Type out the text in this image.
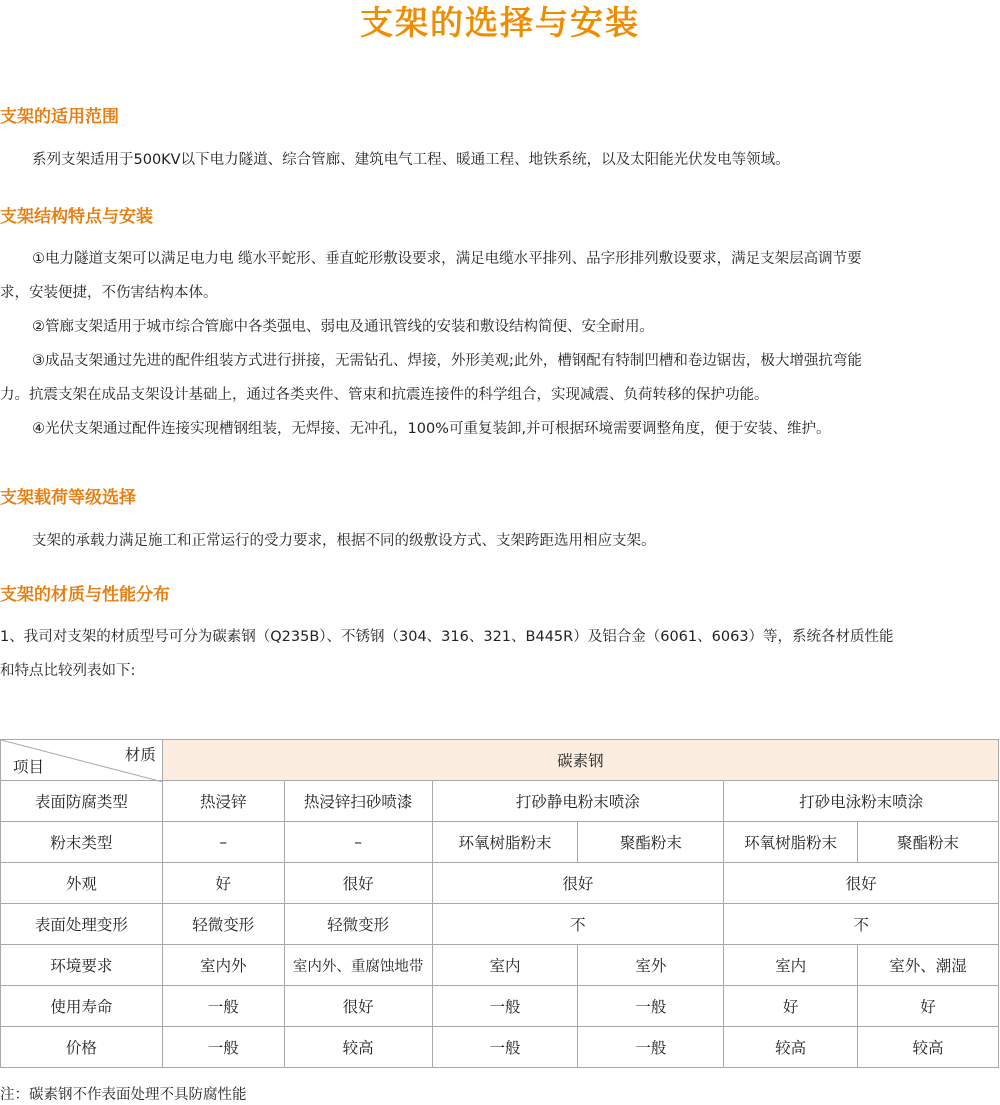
支架的选择与安装
支架的适用范围
系列支架适用于500KV以下电力隧道、综合管廊、建筑电气工程、暖通工程、地铁系统，以及太阳能光伏发电等领域。
支架结构特点与安装
①电力隧道支架可以满足电力电 缆水平蛇形、垂直蛇形敷设要求，满足电缆水平排列、品字形排列敷设要求，满足支架层高调节要
求，安装便捷，不伤害结构本体。
②管廊支架适用于城市综合管廊中各类强电、弱电及通讯管线的安装和敷设结构简便、安全耐用。
③成品支架通过先进的配件组装方式进行拼接，无需钻孔、焊接，外形美观;此外，槽钢配有特制凹槽和卷边锯齿，极大增强抗弯能
力。抗震支架在成品支架设计基础上，通过各类夹件、管束和抗震连接件的科学组合，实现减震、负荷转移的保护功能。
④光伏支架通过配件连接实现槽钢组装，无焊接、无冲孔，100%可重复装卸,并可根据环境需要调整角度，便于安装、维护。
支架载荷等级选择
支架的承载力满足施工和正常运行的受力要求，根据不同的级敷设方式、支架跨距选用相应支架。
支架的材质与性能分布
1、我司对支架的材质型号可分为碳素钢（Q235B）、不锈钢（304、316、321、B445R）及铝合金（6061、6063）等，系统各材质性能
和特点比较列表如下:
材质
项目	碳素钢					
表面防腐类型	热浸锌	热浸锌扫砂喷漆	打砂静电粉末喷涂		打砂电泳粉末喷涂	
粉末类型	–	–	环氧树脂粉末	聚酯粉末	环氧树脂粉末	聚酯粉末
外观	好	很好	很好		很好	
表面处理变形	轻微变形	轻微变形	不		不	
环境要求	室内外	室内外、重腐蚀地带	室内	室外	室内	室外、潮湿
使用寿命	一般	很好	一般	一般	好	好
价格	一般	较高	一般	一般	较高	较高
注：碳素钢不作表面处理不具防腐性能
